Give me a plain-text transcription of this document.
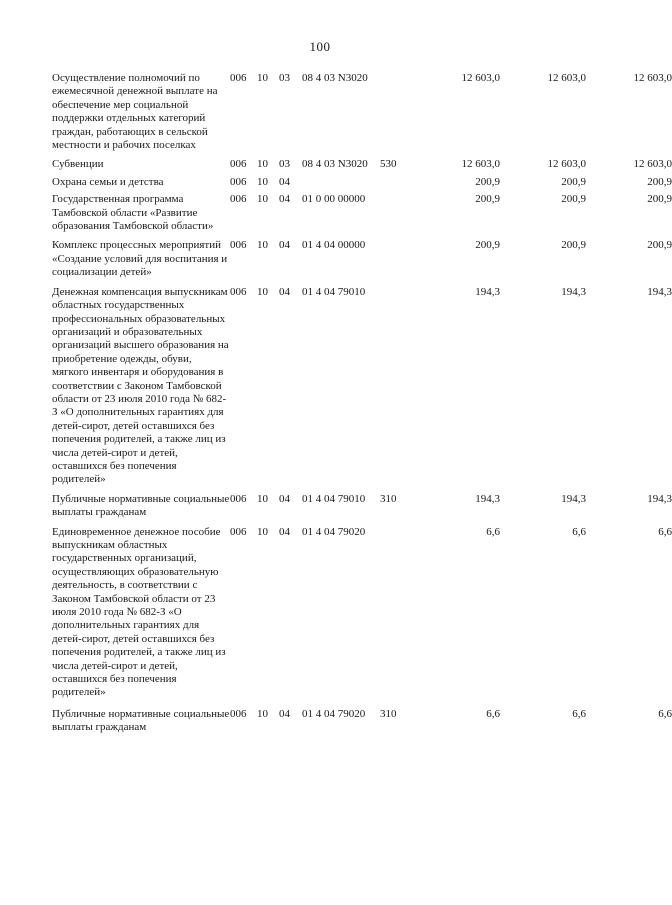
100
Осуществление полномочий по ежемесячной денежной выплате на обеспечение мер социальной поддержки отдельных категорий граждан, работающих в сельской местности и рабочих поселках
006 10	03	08 4 03 N3020	12 603,0	12 603,0	12 603,0
Субвенции	006 10	03	08 4 03 N3020	530	12 603,0	12 603,0	12 603,0
Охрана семьи и детства	006 10	04	200,9	200,9	200,9
Государственная программа Тамбовской области «Развитие образования Тамбовской области»
006 10	04	01 0 00 00000	200,9	200,9	200,9
Комплекс процессных мероприятий «Создание условий для воспитания и социализации детей»
006 10	04	01 4 04 00000	200,9	200,9	200,9
Денежная компенсация выпускникам областных государственных профессиональных образовательных организаций и образовательных организаций высшего образования на приобретение одежды, обуви, мягкого инвентаря и оборудования в соответствии с Законом Тамбовской области от 23 июля 2010 года № 682-З «О дополнительных гарантиях для детей-сирот, детей оставшихся без попечения родителей, а также лиц из числа детей-сирот и детей, оставшихся без попечения родителей»
006 10	04	01 4 04 79010	194,3	194,3	194,3
Публичные нормативные социальные выплаты гражданам
006 10	04	01 4 04 79010	310	194,3	194,3	194,3
Единовременное денежное пособие выпускникам областных государственных организаций, осуществляющих образовательную деятельность, в соответствии с Законом Тамбовской области от 23 июля 2010 года № 682-З «О дополнительных гарантиях для детей-сирот, детей оставшихся без попечения родителей, а также лиц из числа детей-сирот и детей, оставшихся без попечения родителей»
006 10	04	01 4 04 79020	6,6	6,6	6,6
Публичные нормативные социальные выплаты гражданам
006 10	04	01 4 04 79020	310	6,6	6,6	6,6
